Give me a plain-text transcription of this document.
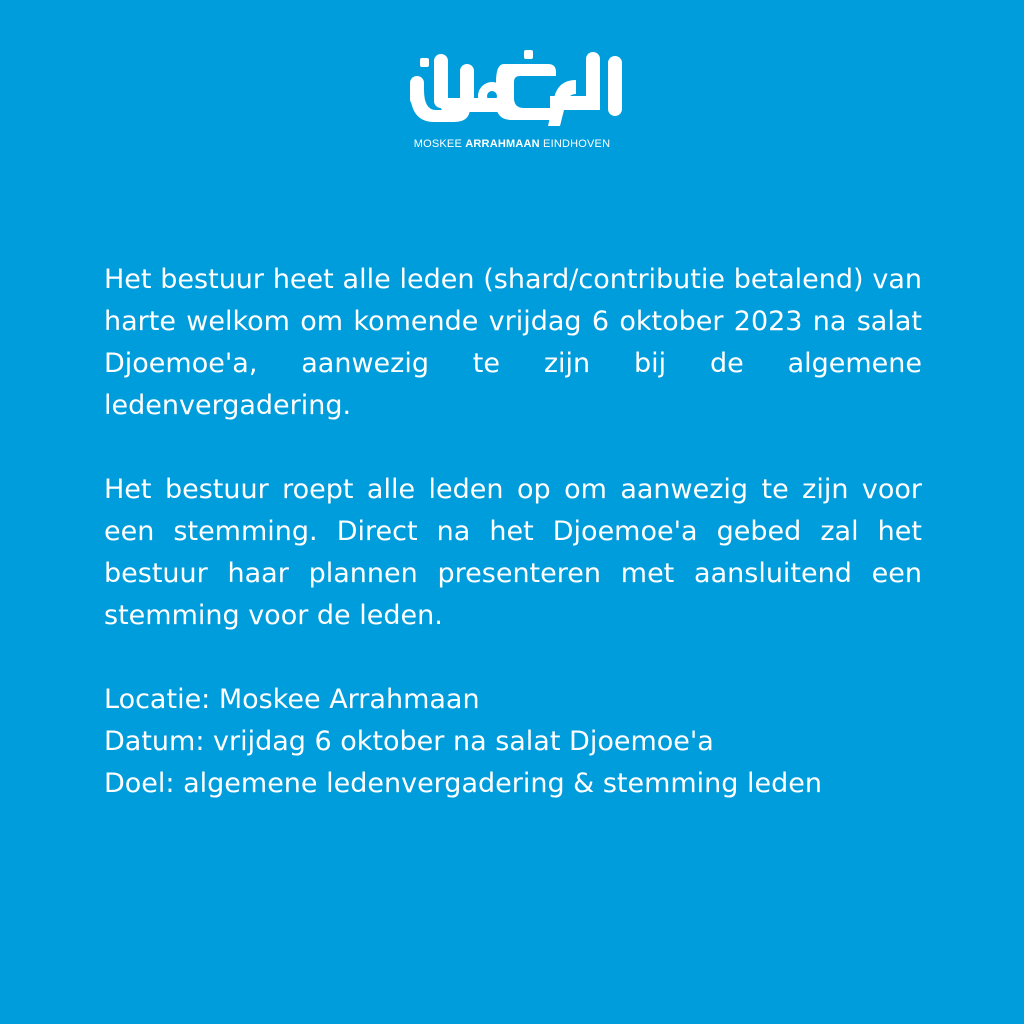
MOSKEE ARRAHMAAN EINDHOVEN

Het bestuur heet alle leden (shard/contributie betalend) van harte welkom om komende vrijdag 6 oktober 2023 na salat Djoemoe'a, aanwezig te zijn bij de algemene ledenvergadering.

Het bestuur roept alle leden op om aanwezig te zijn voor een stemming. Direct na het Djoemoe'a gebed zal het bestuur haar plannen presenteren met aansluitend een stemming voor de leden.

Locatie: Moskee Arrahmaan
Datum: vrijdag 6 oktober na salat Djoemoe'a
Doel: algemene ledenvergadering & stemming leden
